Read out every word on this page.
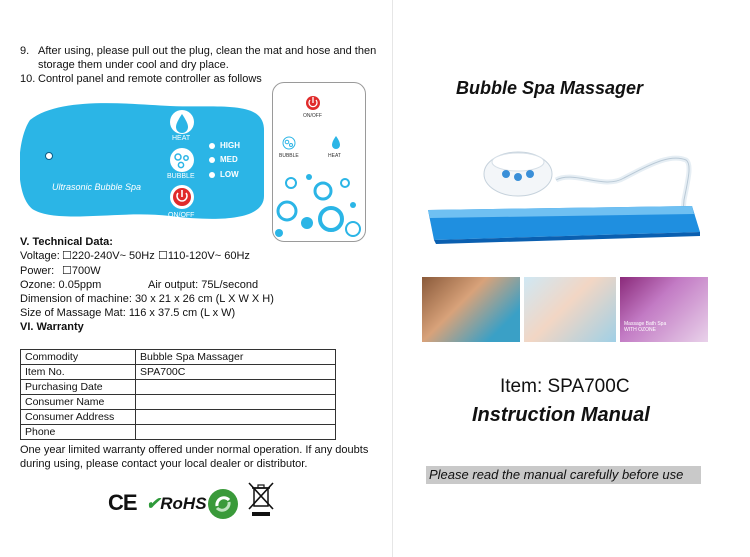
9. After using, please pull out the plug, clean the mat and hose and then
storage them under cool and dry place.
10. Control panel and remote controller as follows
HEAT
BUBBLE
ON/OFF
HIGH
MED
LOW
Ultrasonic Bubble Spa
ON/OFF
BUBBLE	HEAT
V. Technical Data:
Voltage: ☐220-240V~ 50Hz ☐110-120V~ 60Hz
Power: ☐700W
Ozone: 0.05ppm	Air output: 75L/second
Dimension of machine: 30 x 21 x 26 cm (L X W X H)
Size of Massage Mat: 116 x 37.5 cm (L x W)
VI. Warranty
Commodity	Bubble Spa Massager
Item No.	SPA700C
Purchasing Date	
Consumer Name	
Consumer Address	
Phone	
One year limited warranty offered under normal operation. If any doubts
during using, please contact your local dealer or distributor.
CE ✔RoHS
Bubble Spa Massager
Massage Bath Spa WITH OZONE
Item: SPA700C
Instruction Manual
Please read the manual carefully before use
